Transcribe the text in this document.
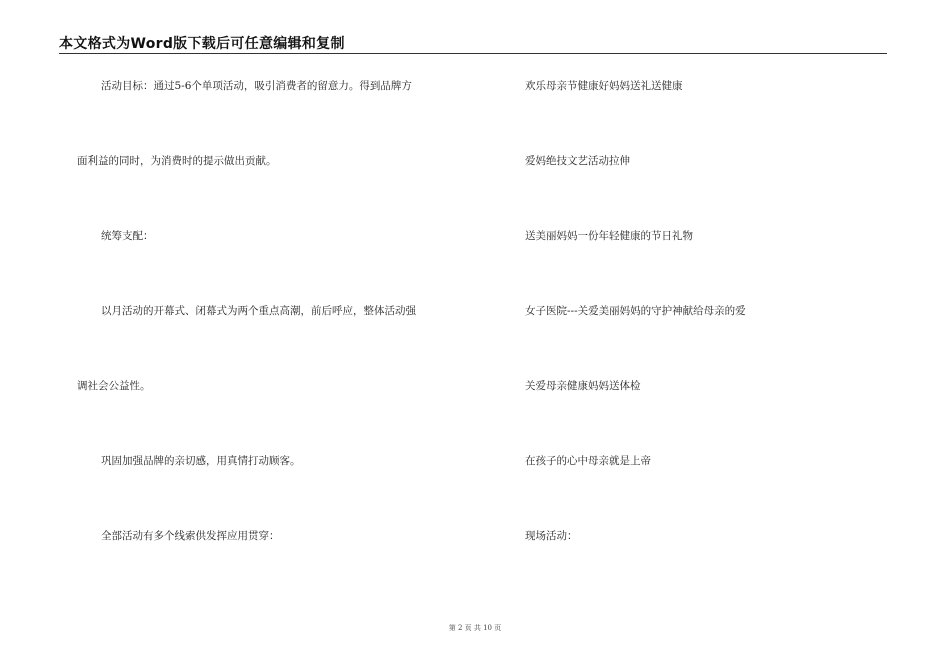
本文格式为Word版下载后可任意编辑和复制
活动目标：通过5-6个单项活动，吸引消费者的留意力。得到品牌方
面利益的同时，为消费时的提示做出贡献。
统筹支配：
以月活动的开幕式、闭幕式为两个重点高潮，前后呼应，整体活动强
调社会公益性。
巩固加强品牌的亲切感，用真情打动顾客。
全部活动有多个线索供发挥应用贯穿：
欢乐母亲节健康好妈妈送礼送健康
爱妈绝技文艺活动拉伸
送美丽妈妈一份年轻健康的节日礼物
女子医院---关爱美丽妈妈的守护神献给母亲的爱
关爱母亲健康妈妈送体检
在孩子的心中母亲就是上帝
现场活动：
第 2 页 共 10 页
